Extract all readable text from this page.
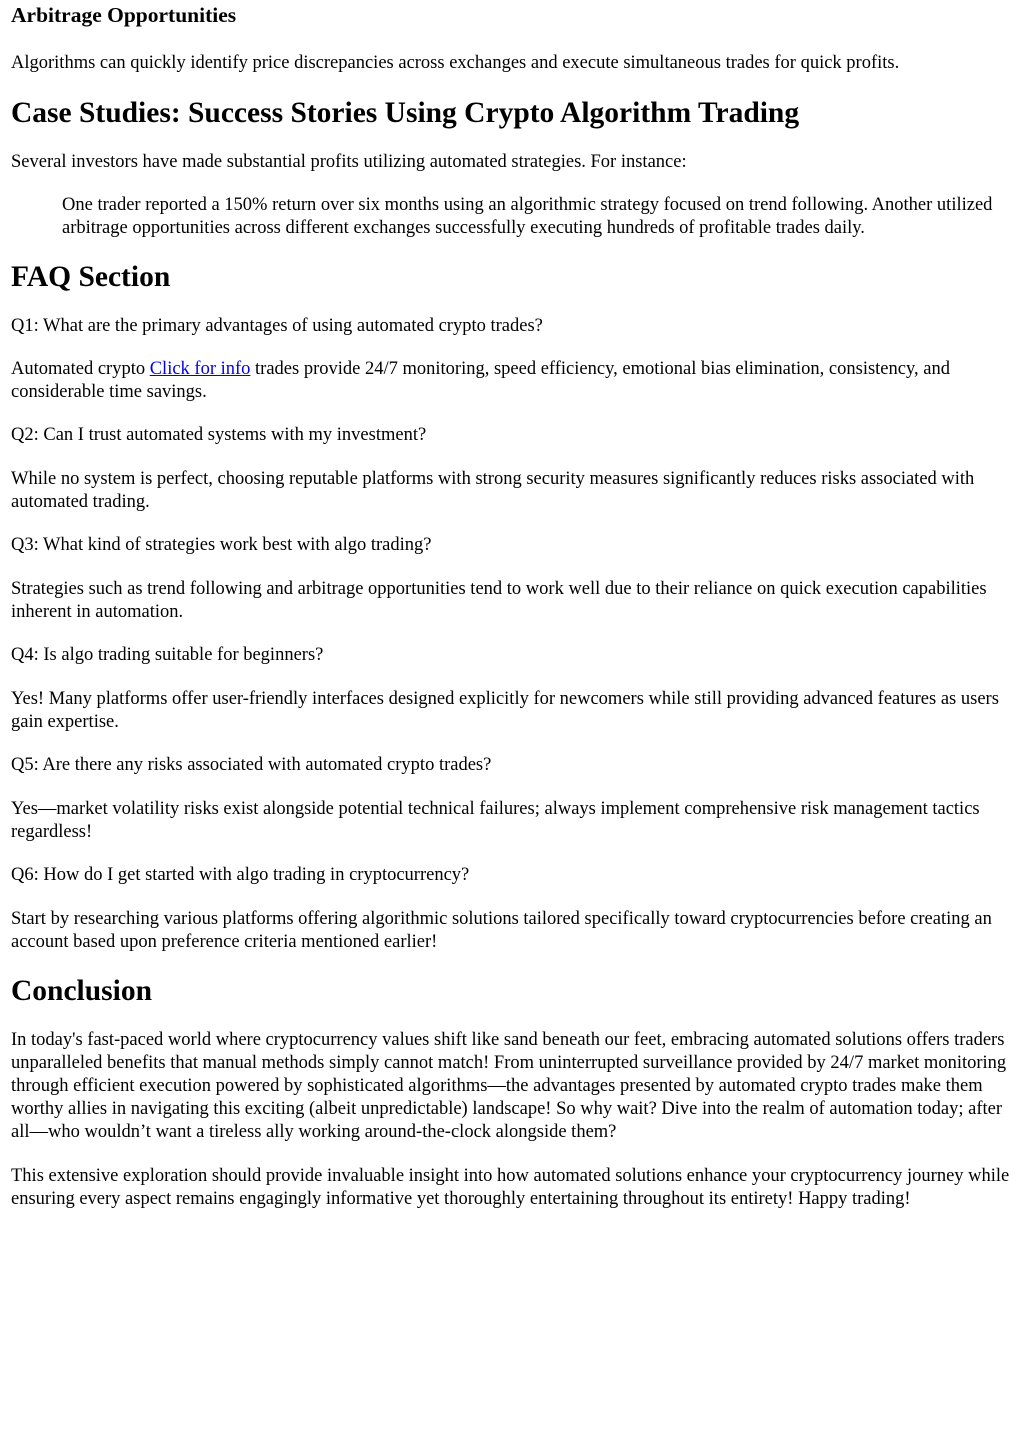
Arbitrage Opportunities

Algorithms can quickly identify price discrepancies across exchanges and execute simultaneous trades for quick profits.

Case Studies: Success Stories Using Crypto Algorithm Trading

Several investors have made substantial profits utilizing automated strategies. For instance:

One trader reported a 150% return over six months using an algorithmic strategy focused on trend following. Another utilized arbitrage opportunities across different exchanges successfully executing hundreds of profitable trades daily.
FAQ Section

Q1: What are the primary advantages of using automated crypto trades?

Automated crypto Click for info trades provide 24/7 monitoring, speed efficiency, emotional bias elimination, consistency, and considerable time savings.

Q2: Can I trust automated systems with my investment?

While no system is perfect, choosing reputable platforms with strong security measures significantly reduces risks associated with automated trading.

Q3: What kind of strategies work best with algo trading?

Strategies such as trend following and arbitrage opportunities tend to work well due to their reliance on quick execution capabilities inherent in automation.

Q4: Is algo trading suitable for beginners?

Yes! Many platforms offer user-friendly interfaces designed explicitly for newcomers while still providing advanced features as users gain expertise.

Q5: Are there any risks associated with automated crypto trades?

Yes—market volatility risks exist alongside potential technical failures; always implement comprehensive risk management tactics regardless!

Q6: How do I get started with algo trading in cryptocurrency?

Start by researching various platforms offering algorithmic solutions tailored specifically toward cryptocurrencies before creating an account based upon preference criteria mentioned earlier!

Conclusion

In today's fast-paced world where cryptocurrency values shift like sand beneath our feet, embracing automated solutions offers traders unparalleled benefits that manual methods simply cannot match! From uninterrupted surveillance provided by 24/7 market monitoring through efficient execution powered by sophisticated algorithms—the advantages presented by automated crypto trades make them worthy allies in navigating this exciting (albeit unpredictable) landscape! So why wait? Dive into the realm of automation today; after all—who wouldn’t want a tireless ally working around-the-clock alongside them?

This extensive exploration should provide invaluable insight into how automated solutions enhance your cryptocurrency journey while ensuring every aspect remains engagingly informative yet thoroughly entertaining throughout its entirety! Happy trading!
